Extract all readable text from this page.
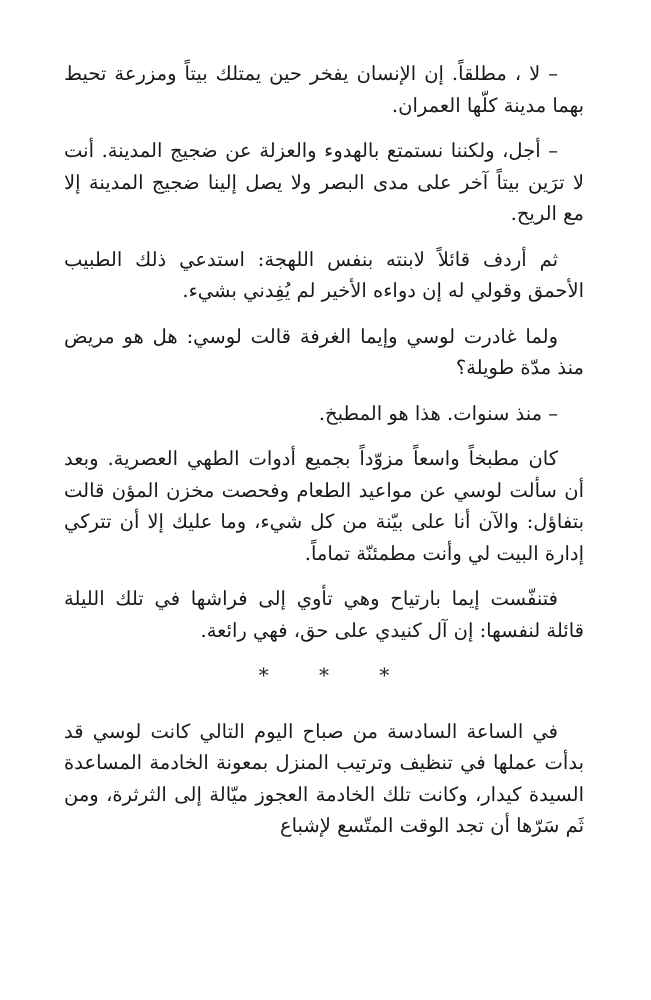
– لا ، مطلقاً. إن الإنسان يفخر حين يمتلك بيتاً ومزرعة تحيط بهما مدينة كلّها العمران.

– أجل، ولكننا نستمتع بالهدوء والعزلة عن ضجيج المدينة. أنت لا ترَين بيتاً آخر على مدى البصر ولا يصل إلينا ضجيج المدينة إلا مع الريح.

ثم أردف قائلاً لابنته بنفس اللهجة: استدعي ذلك الطبيب الأحمق وقولي له إن دواءه الأخير لم يُفِدني بشيء.

ولما غادرت لوسي وإيما الغرفة قالت لوسي: هل هو مريض منذ مدّة طويلة؟

– منذ سنوات. هذا هو المطبخ.

كان مطبخاً واسعاً مزوّداً بجميع أدوات الطهي العصرية. وبعد أن سألت لوسي عن مواعيد الطعام وفحصت مخزن المؤن قالت بتفاؤل: والآن أنا على بيّنة من كل شيء، وما عليك إلا أن تتركي إدارة البيت لي وأنت مطمئنّة تماماً.

فتنفّست إيما بارتياح وهي تأوي إلى فراشها في تلك الليلة قائلة لنفسها: إن آل كنيدي على حق، فهي رائعة.

* * *

في الساعة السادسة من صباح اليوم التالي كانت لوسي قد بدأت عملها في تنظيف وترتيب المنزل بمعونة الخادمة المساعدة السيدة كيدار، وكانت تلك الخادمة العجوز ميّالة إلى الثرثرة، ومن ثَم سَرّها أن تجد الوقت المتّسع لإشباع
